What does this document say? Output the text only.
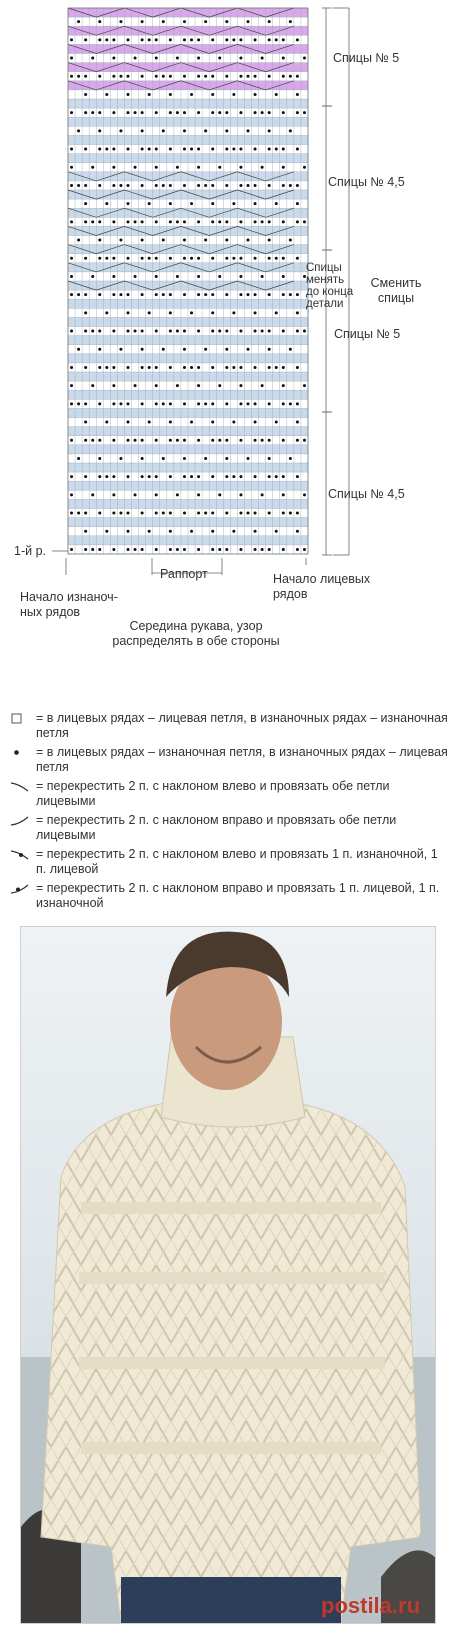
Спицы № 5
Спицы № 4,5
Спицы
менять
до конца
детали
Сменить
спицы
Спицы № 5
Спицы № 4,5
1-й р.
Раппорт
Начало изнаноч-
ных рядов
Начало лицевых
рядов
Середина рукава, узор
распределять в обе стороны
= в лицевых рядах – лицевая петля, в изнаночных рядах – изнаночная петля
= в лицевых рядах – изнаночная петля, в изнаночных рядах – лицевая петля
= перекрестить 2 п. с наклоном влево и провязать обе петли лицевыми
= перекрестить 2 п. с наклоном вправо и провязать обе петли лицевыми
= перекрестить 2 п. с наклоном влево и провязать 1 п. изнаночной, 1 п. лицевой
= перекрестить 2 п. с наклоном вправо и провязать 1 п. лицевой, 1 п. изнаночной
postila.ru
